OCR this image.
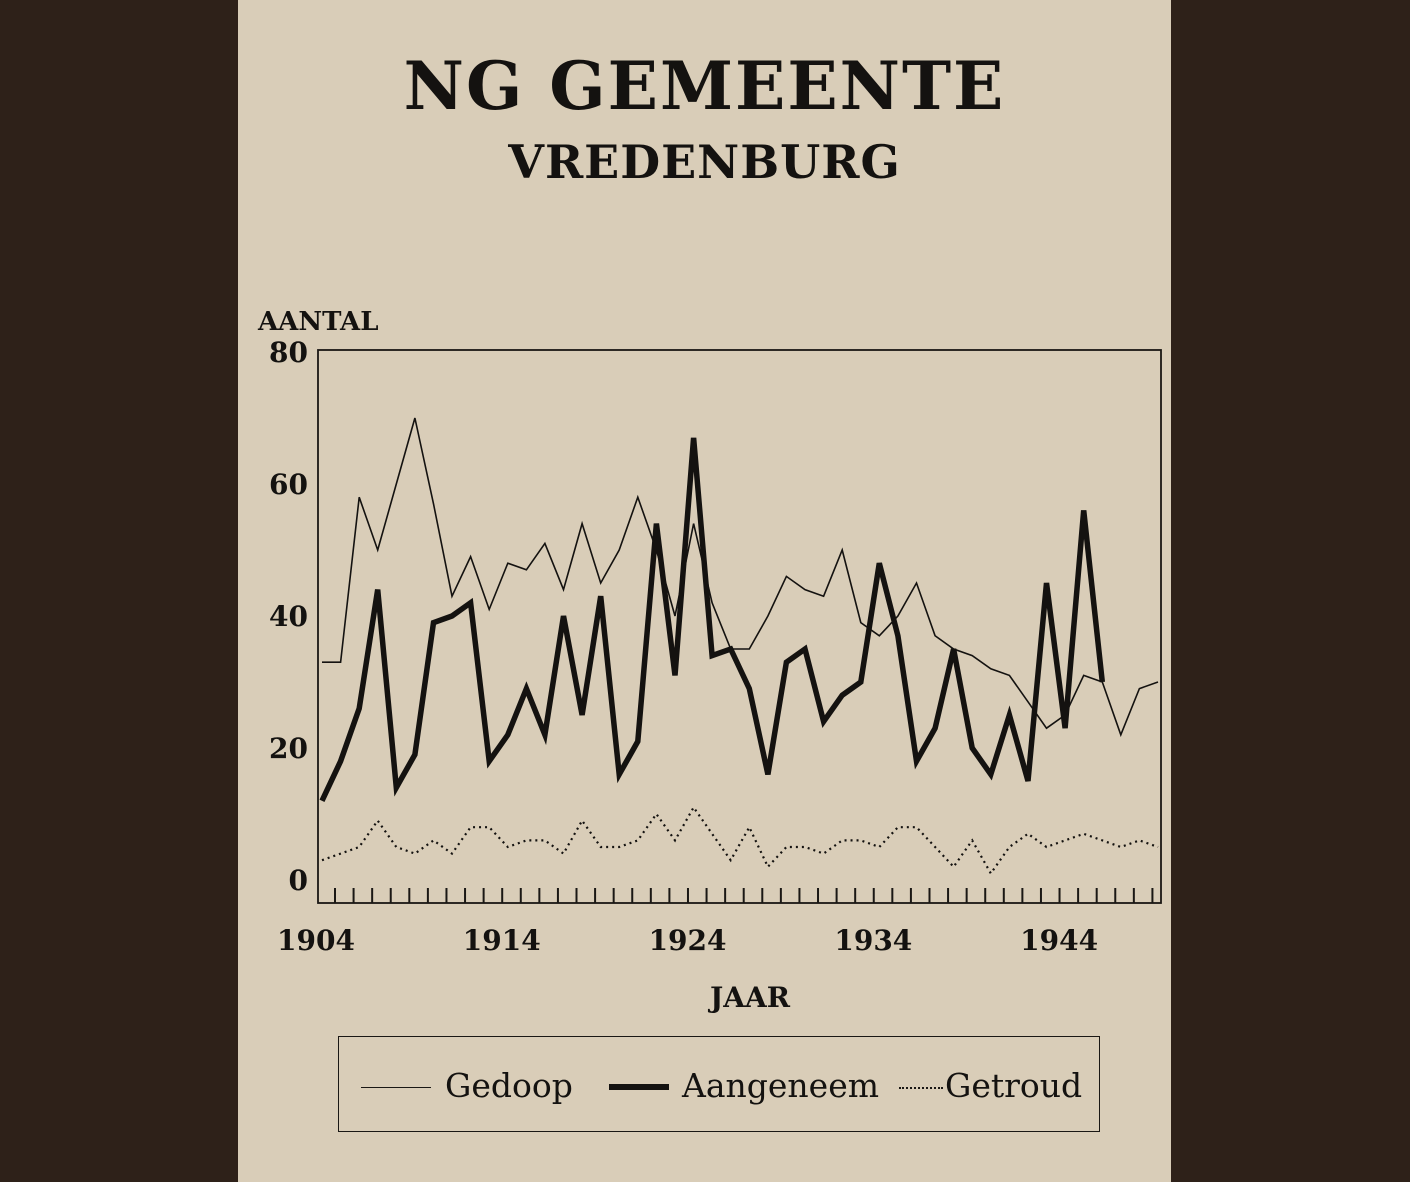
NG GEMEENTE
VREDENBURG
AANTAL
JAAR
0
20
40
60
80
1904	1914	1924	1934	1944
Gedoop	Aangeneem Getroud
